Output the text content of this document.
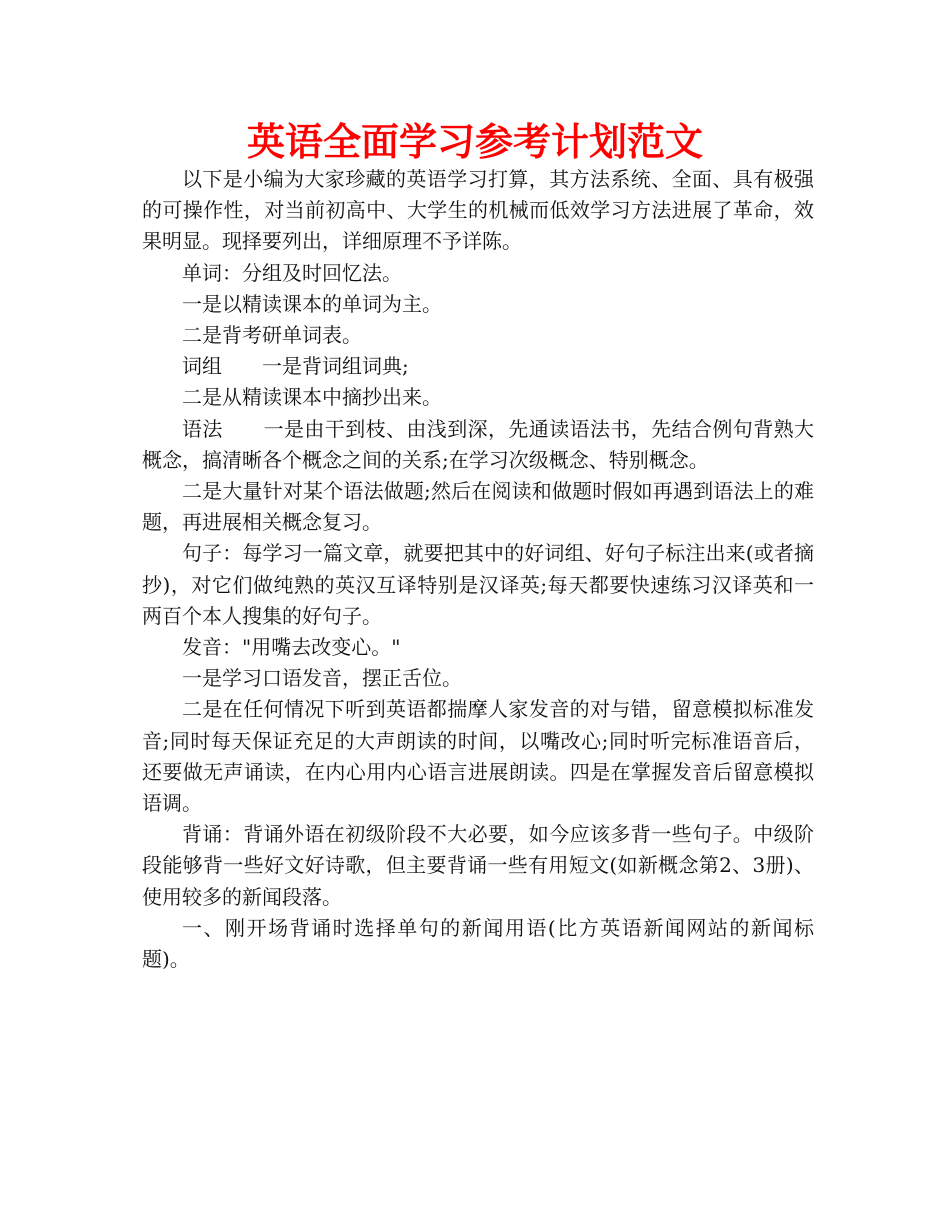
英语全面学习参考计划范文

以下是小编为大家珍藏的英语学习打算，其方法系统、全面、具有极强的可操作性，对当前初高中、大学生的机械而低效学习方法进展了革命，效果明显。现择要列出，详细原理不予详陈。

单词：分组及时回忆法。

一是以精读课本的单词为主。

二是背考研单词表。

词组　　一是背词组词典;

二是从精读课本中摘抄出来。

语法　　一是由干到枝、由浅到深，先通读语法书，先结合例句背熟大概念，搞清晰各个概念之间的关系;在学习次级概念、特别概念。

二是大量针对某个语法做题;然后在阅读和做题时假如再遇到语法上的难题，再进展相关概念复习。

句子：每学习一篇文章，就要把其中的好词组、好句子标注出来(或者摘抄)，对它们做纯熟的英汉互译特别是汉译英;每天都要快速练习汉译英和一两百个本人搜集的好句子。

发音："用嘴去改变心。"

一是学习口语发音，摆正舌位。

二是在任何情况下听到英语都揣摩人家发音的对与错，留意模拟标准发音;同时每天保证充足的大声朗读的时间，以嘴改心;同时听完标准语音后，还要做无声诵读，在内心用内心语言进展朗读。四是在掌握发音后留意模拟语调。

背诵：背诵外语在初级阶段不大必要，如今应该多背一些句子。中级阶段能够背一些好文好诗歌，但主要背诵一些有用短文(如新概念第2、3册)、使用较多的新闻段落。

一、刚开场背诵时选择单句的新闻用语(比方英语新闻网站的新闻标题)。
